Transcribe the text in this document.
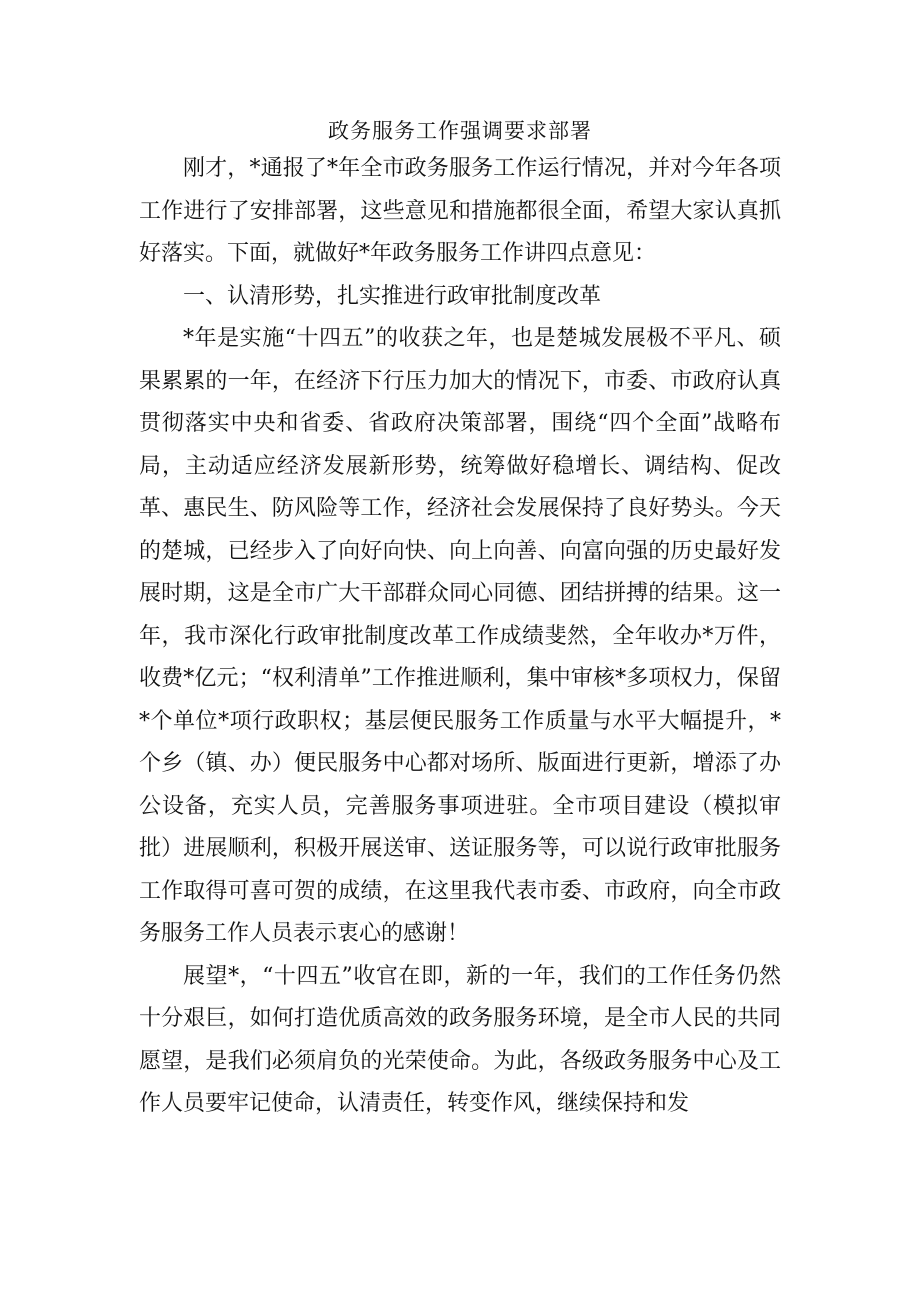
政务服务工作强调要求部署

刚才，*通报了*年全市政务服务工作运行情况，并对今年各项工作进行了安排部署，这些意见和措施都很全面，希望大家认真抓好落实。下面，就做好*年政务服务工作讲四点意见：

一、认清形势，扎实推进行政审批制度改革

*年是实施“十四五”的收获之年，也是楚城发展极不平凡、硕果累累的一年，在经济下行压力加大的情况下，市委、市政府认真贯彻落实中央和省委、省政府决策部署，围绕“四个全面”战略布局，主动适应经济发展新形势，统筹做好稳增长、调结构、促改革、惠民生、防风险等工作，经济社会发展保持了良好势头。今天的楚城，已经步入了向好向快、向上向善、向富向强的历史最好发展时期，这是全市广大干部群众同心同德、团结拼搏的结果。这一年，我市深化行政审批制度改革工作成绩斐然，全年收办*万件，收费*亿元；“权利清单”工作推进顺利，集中审核*多项权力，保留*个单位*项行政职权；基层便民服务工作质量与水平大幅提升，*个乡（镇、办）便民服务中心都对场所、版面进行更新，增添了办公设备，充实人员，完善服务事项进驻。全市项目建设（模拟审批）进展顺利，积极开展送审、送证服务等，可以说行政审批服务工作取得可喜可贺的成绩，在这里我代表市委、市政府，向全市政务服务工作人员表示衷心的感谢！

展望*，“十四五”收官在即，新的一年，我们的工作任务仍然十分艰巨，如何打造优质高效的政务服务环境，是全市人民的共同愿望，是我们必须肩负的光荣使命。为此，各级政务服务中心及工作人员要牢记使命，认清责任，转变作风，继续保持和发
